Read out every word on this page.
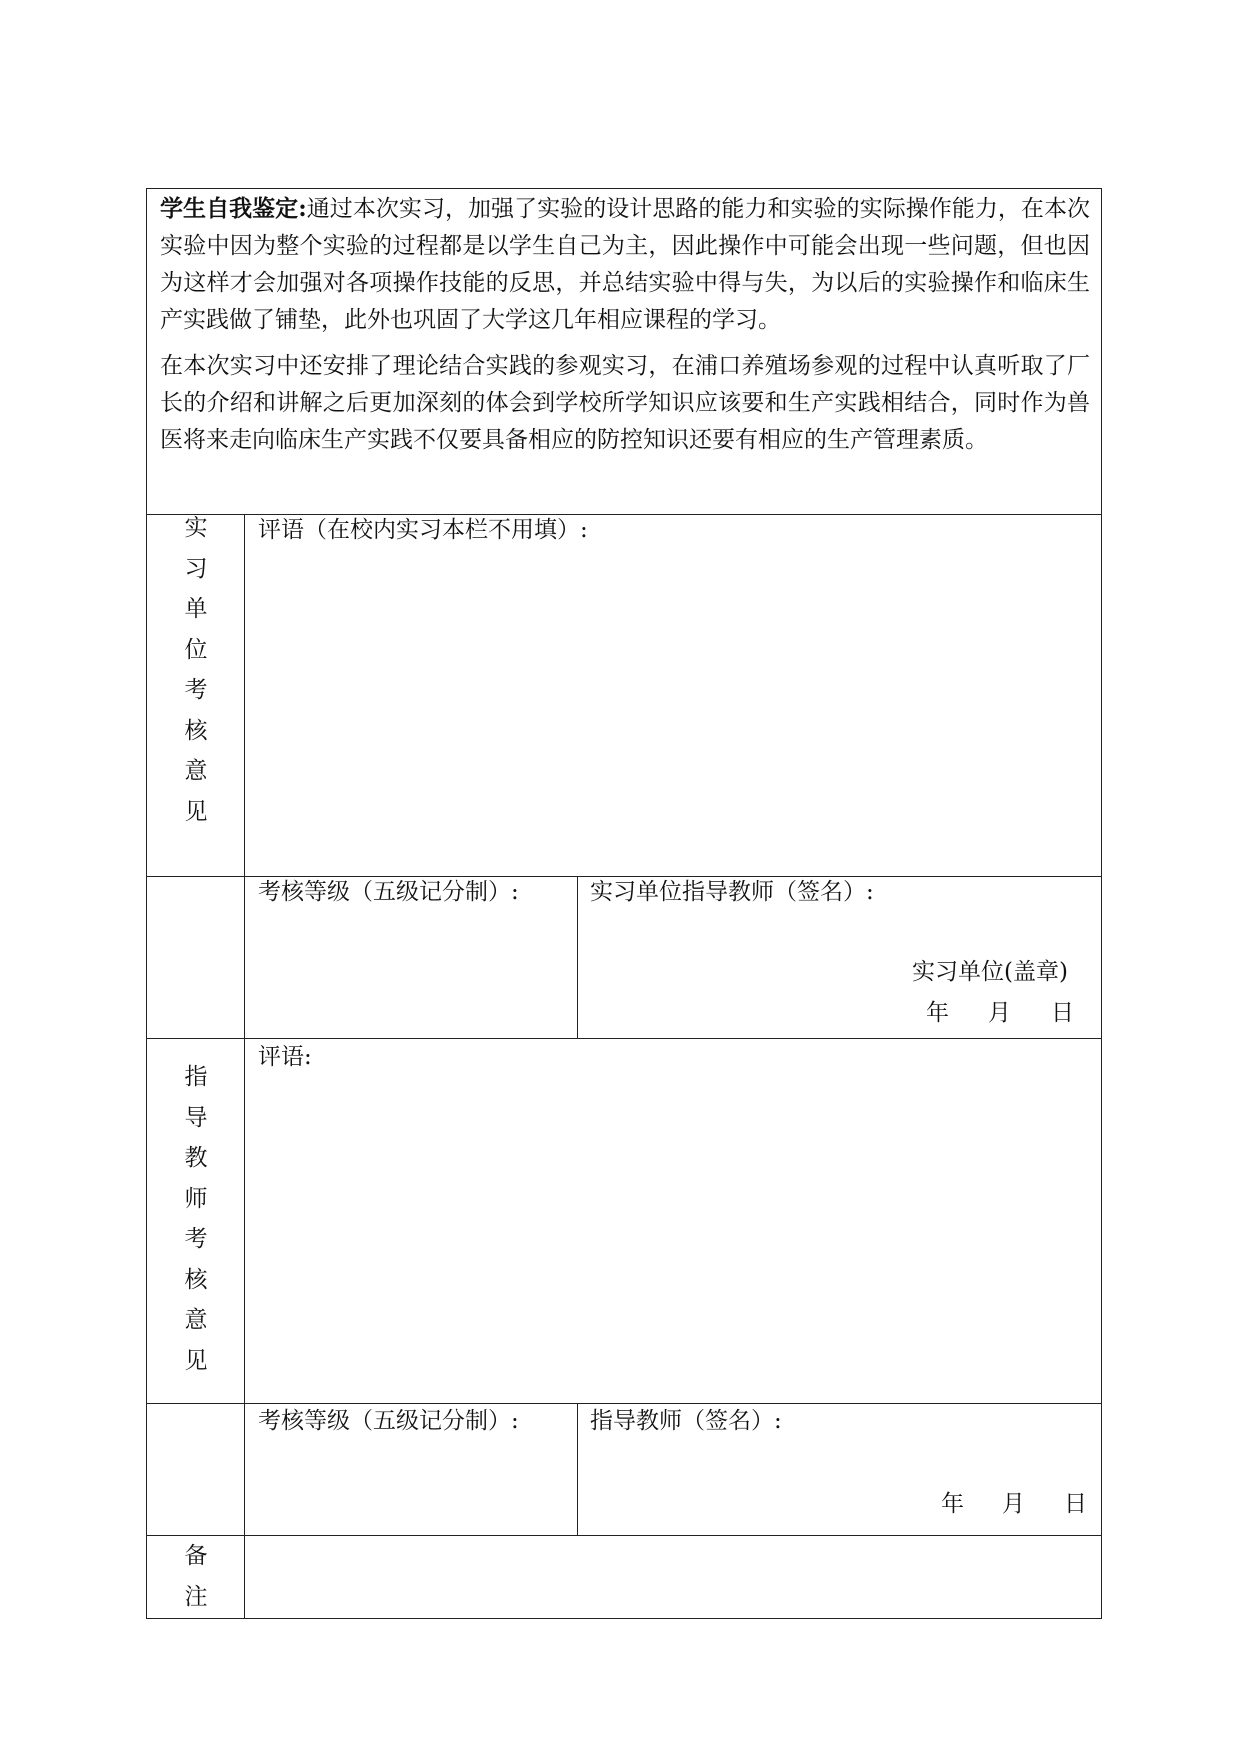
学生自我鉴定:通过本次实习，加强了实验的设计思路的能力和实验的实际操作能力，在本次实验中因为整个实验的过程都是以学生自己为主，因此操作中可能会出现一些问题，但也因为这样才会加强对各项操作技能的反思，并总结实验中得与失，为以后的实验操作和临床生产实践做了铺垫，此外也巩固了大学这几年相应课程的学习。
在本次实习中还安排了理论结合实践的参观实习，在浦口养殖场参观的过程中认真听取了厂长的介绍和讲解之后更加深刻的体会到学校所学知识应该要和生产实践相结合，同时作为兽医将来走向临床生产实践不仅要具备相应的防控知识还要有相应的生产管理素质。
实
习
单
位
考
核
意
见
评语（在校内实习本栏不用填）:
考核等级（五级记分制）:	实习单位指导教师（签名）:
实习单位(盖章)
年 月 日
指
导
教
师
考
核
意
见
评语:
考核等级（五级记分制）:	指导教师（签名）:
年 月 日
备
注
